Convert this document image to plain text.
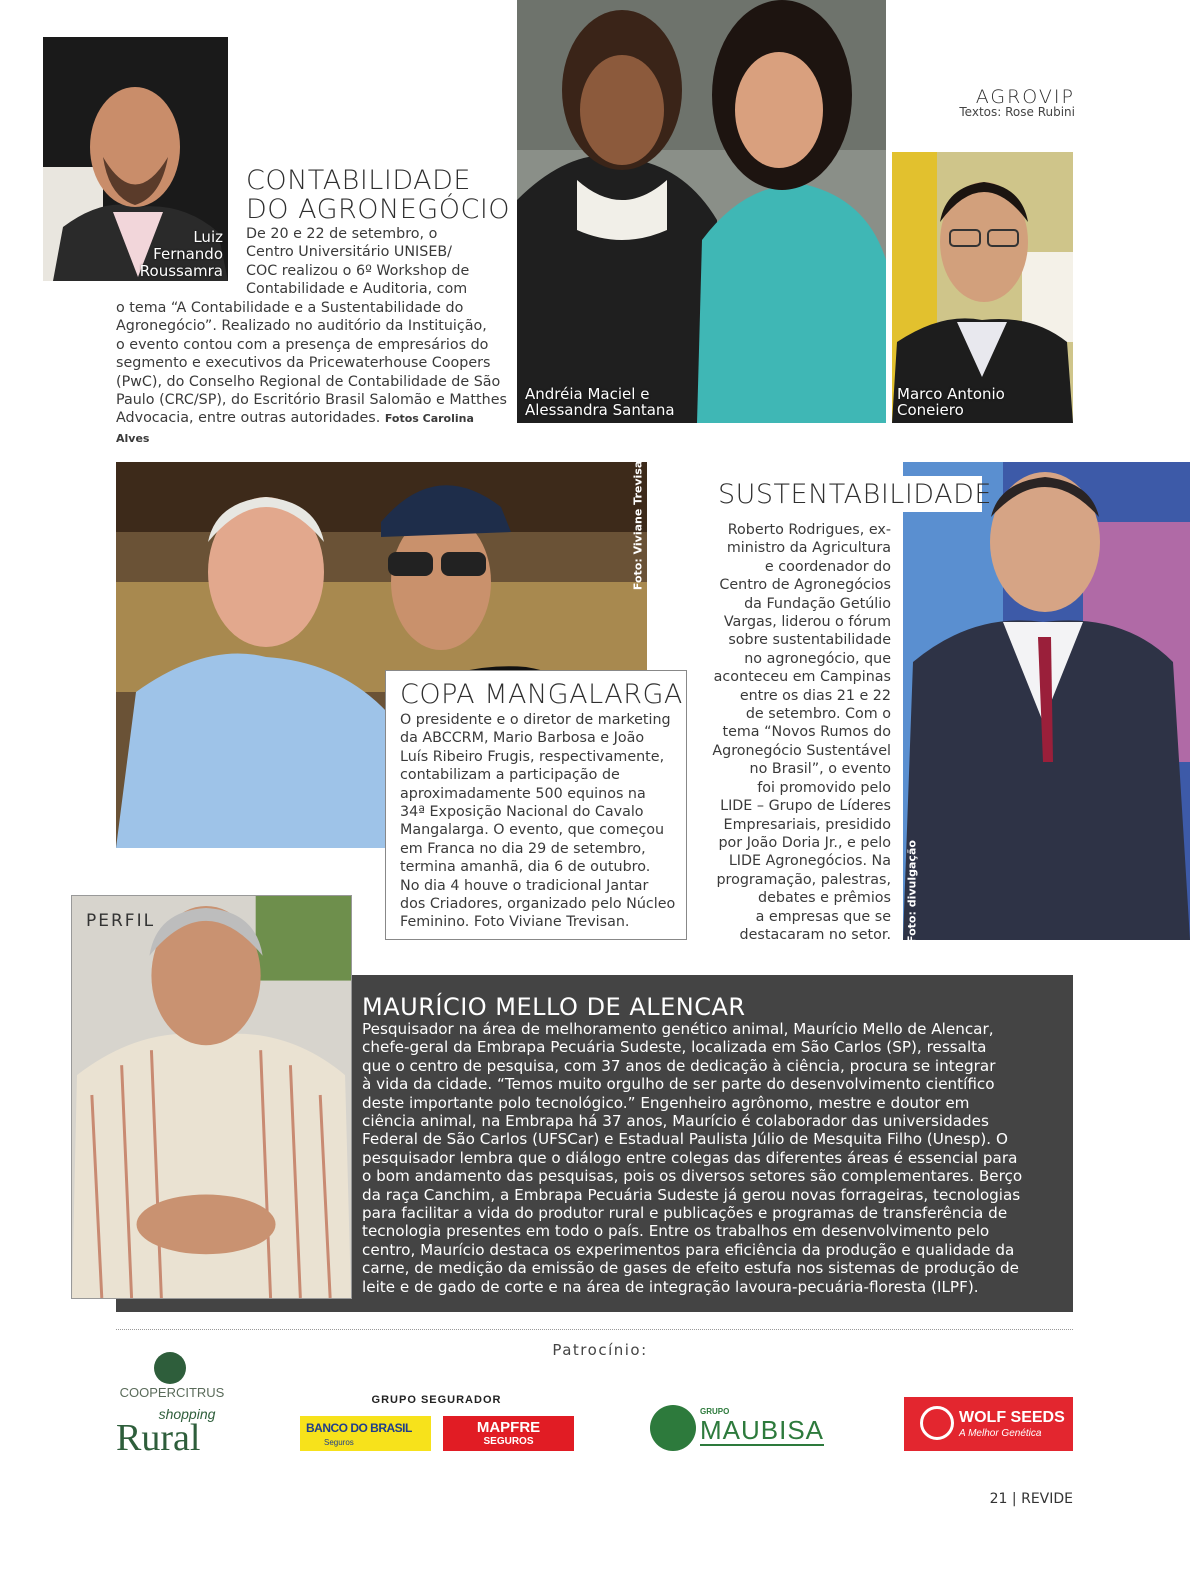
AGROVIP
Textos: Rose Rubini
Luiz
Fernando
Roussamra
CONTABILIDADE
DO AGRONEGÓCIO
De 20 e 22 de setembro, o
Centro Universitário UNISEB/
COC realizou o 6º Workshop de
Contabilidade e Auditoria, com
o tema “A Contabilidade e a Sustentabilidade do
Agronegócio”. Realizado no auditório da Instituição,
o evento contou com a presença de empresários do
segmento e executivos da Pricewaterhouse Coopers
(PwC), do Conselho Regional de Contabilidade de São
Paulo (CRC/SP), do Escritório Brasil Salomão e Matthes
Advocacia, entre outras autoridades. Fotos Carolina Alves
Andréia Maciel e
Alessandra Santana
Marco Antonio
Coneiero
Foto: Viviane Trevisan
COPA MANGALARGA
O presidente e o diretor de marketing
da ABCCRM, Mario Barbosa e João
Luís Ribeiro Frugis, respectivamente,
contabilizam a participação de
aproximadamente 500 equinos na
34ª Exposição Nacional do Cavalo
Mangalarga. O evento, que começou
em Franca no dia 29 de setembro,
termina amanhã, dia 6 de outubro.
No dia 4 houve o tradicional Jantar
dos Criadores, organizado pelo Núcleo
Feminino. Foto Viviane Trevisan.	Foto: divulgação
SUSTENTABILIDADE
Roberto Rodrigues, ex-
ministro da Agricultura
e coordenador do
Centro de Agronegócios
da Fundação Getúlio
Vargas, liderou o fórum
sobre sustentabilidade
no agronegócio, que
aconteceu em Campinas
entre os dias 21 e 22
de setembro. Com o
tema “Novos Rumos do
Agronegócio Sustentável
no Brasil”, o evento
foi promovido pelo
LIDE – Grupo de Líderes
Empresariais, presidido
por João Doria Jr., e pelo
LIDE Agronegócios. Na
programação, palestras,
debates e prêmios
a empresas que se
destacaram no setor.
PERFIL
MAURÍCIO MELLO DE ALENCAR
Pesquisador na área de melhoramento genético animal, Maurício Mello de Alencar,
chefe-geral da Embrapa Pecuária Sudeste, localizada em São Carlos (SP), ressalta
que o centro de pesquisa, com 37 anos de dedicação à ciência, procura se integrar
à vida da cidade. “Temos muito orgulho de ser parte do desenvolvimento científico
deste importante polo tecnológico.” Engenheiro agrônomo, mestre e doutor em
ciência animal, na Embrapa há 37 anos, Maurício é colaborador das universidades
Federal de São Carlos (UFSCar) e Estadual Paulista Júlio de Mesquita Filho (Unesp). O
pesquisador lembra que o diálogo entre colegas das diferentes áreas é essencial para
o bom andamento das pesquisas, pois os diversos setores são complementares. Berço
da raça Canchim, a Embrapa Pecuária Sudeste já gerou novas forrageiras, tecnologias
para facilitar a vida do produtor rural e publicações e programas de transferência de
tecnologia presentes em todo o país. Entre os trabalhos em desenvolvimento pelo
centro, Maurício destaca os experimentos para eficiência da produção e qualidade da
carne, de medição da emissão de gases de efeito estufa nos sistemas de produção de
leite e de gado de corte e na área de integração lavoura-pecuária-floresta (ILPF).
Patrocínio:
COOPERCITRUS
shopping
Rural
GRUPO SEGURADOR
BANCO DO BRASIL
Seguros
MAPFRE
SEGUROS
GRUPO
MAUBISA	WOLF SEEDS
A Melhor Genética
21 | REVIDE
